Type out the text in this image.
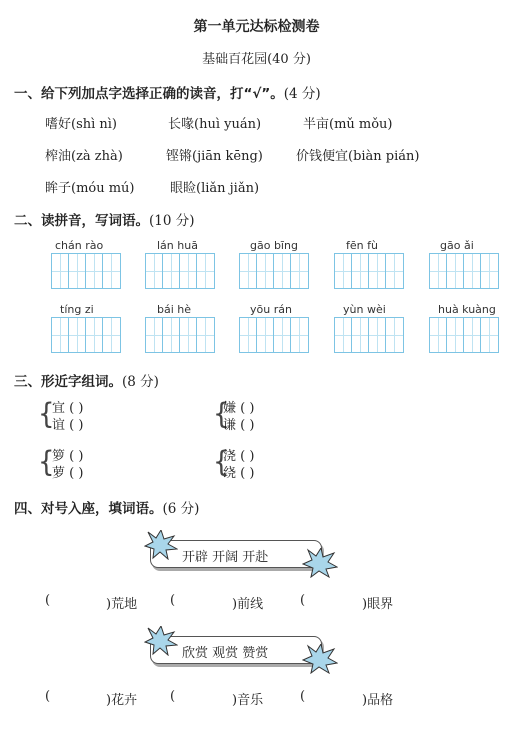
第一单元达标检测卷
基础百花园(40 分)
一、给下列加点字选择正确的读音，打“√”。(4 分)
嗜好(shì nì)	长喙(huì yuán)	半亩(mǔ mǒu)
榨油(zà zhà)	铿锵(jiān kēng)	价钱便宜(biàn pián)
眸子(móu mú)	眼睑(liǎn jiǎn)
二、读拼音，写词语。(10 分)
chán rào	lán huā	gāo bīng	fēn fù	gāo ǎi
tíng zi	bái hè	yōu rán	yùn wèi	huà kuàng
三、形近字组词。(8 分)
{
宜 ( )
谊 ( )	{
嫌 ( )
谦 ( )
{
箩 ( )
萝 ( )	{
浇 ( )
绕 ( )
四、对号入座，填词语。(6 分)
开辟 开阔 开赴
(	)荒地	(	)前线	(	)眼界
欣赏 观赏 赞赏
(	)花卉	(	)音乐	(	)品格
